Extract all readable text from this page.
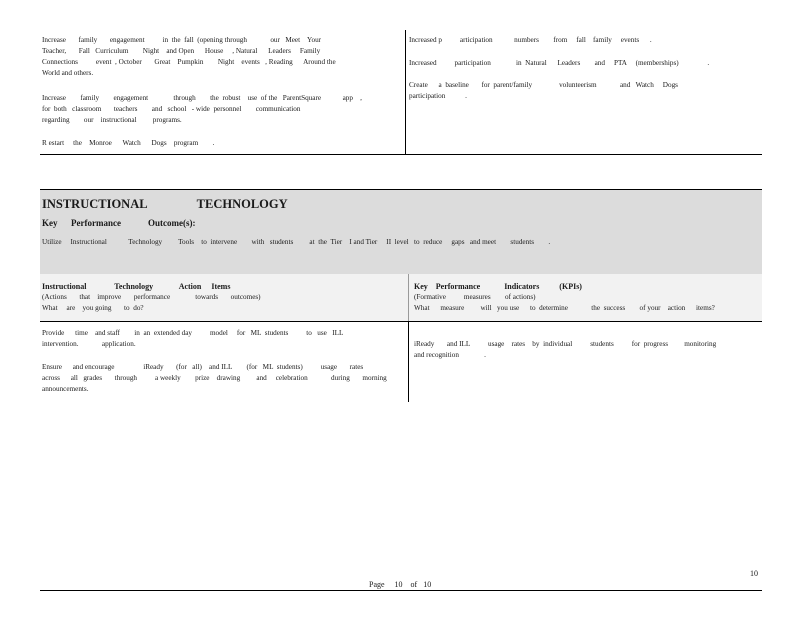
Increase       family       engagement          in  the  fall  (opening through             our   Meet    Your
Teacher,       Fall   Curriculum        Night    and Open      House     , Natural      Leaders     Family
Connections          event  , October       Great    Pumpkin        Night    events   , Reading      Around the
World and others.
Increase        family        engagement              through        the  robust    use  of the   ParentSquare            app    ,
for  both   classroom       teachers        and   school   - wide  personnel        communication
regarding        our    instructional         programs.
R estart     the    Monroe      Watch      Dogs    program        .
Increased p          articipation            numbers        from     fall    family     events      .
Increased          participation              in  Natural      Leaders        and     PTA     (memberships)                .
Create      a  baseline       for  parent/family               volunteerism             and   Watch     Dogs
participation           .
INSTRUCTIONAL                TECHNOLOGY
Key      Performance            Outcome(s):
Utilize     Instructional            Technology         Tools    to  intervene        with   students         at  the  Tier    I and Tier     II  level   to  reduce     gaps   and meet        students        .
Instructional              Technology             Action     Items
(Actions       that    improve       performance              towards       outcomes)
What     are    you going       to  do?
Key    Performance            Indicators          (KPIs)
(Formative          measures        of actions)
What      measure         will   you use      to  determine             the  success        of your    action      items?
Provide      time    and staff        in  an  extended day          model     for   ML  students          to   use   ILL
intervention.             application.
Ensure      and encourage                iReady       (for   all)    and ILL        (for   ML  students)          usage       rates
across      all   grades       through          a weekly        prize    drawing         and     celebration             during       morning
announcements.
iReady       and ILL          usage    rates    by  individual          students          for  progress         monitoring
and recognition              .
Page     10    of   10
10
